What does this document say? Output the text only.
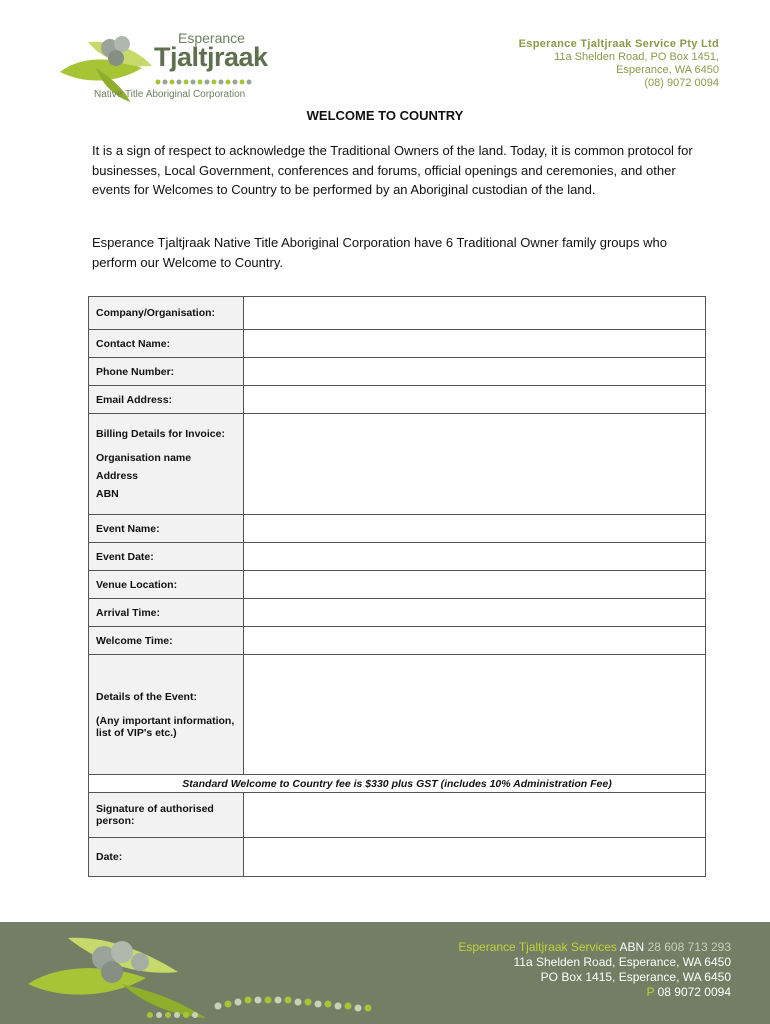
Esperance
Tjaltjraak
Native Title Aboriginal Corporation
Esperance Tjaltjraak Service Pty Ltd
11a Shelden Road, PO Box 1451,
Esperance, WA 6450
(08) 9072 0094
WELCOME TO COUNTRY
It is a sign of respect to acknowledge the Traditional Owners of the land. Today, it is common protocol for businesses, Local Government, conferences and forums, official openings and ceremonies, and other events for Welcomes to Country to be performed by an Aboriginal custodian of the land.
Esperance Tjaltjraak Native Title Aboriginal Corporation have 6 Traditional Owner family groups who perform our Welcome to Country.
Company/Organisation:	
Contact Name:	
Phone Number:	
Email Address:	

Billing Details for Invoice:
Organisation name
Address
ABN	

Event Name:	
Event Date:	
Venue Location:	
Arrival Time:	
Welcome Time:	

Details of the Event:
(Any important information, list of VIP's etc.)	

Standard Welcome to Country fee is $330 plus GST (includes 10% Administration Fee)	
Signature of authorised person:	
Date:	
Esperance Tjaltjraak Services ABN 28 608 713 293
11a Shelden Road, Esperance, WA 6450
PO Box 1415, Esperance, WA 6450
P 08 9072 0094
